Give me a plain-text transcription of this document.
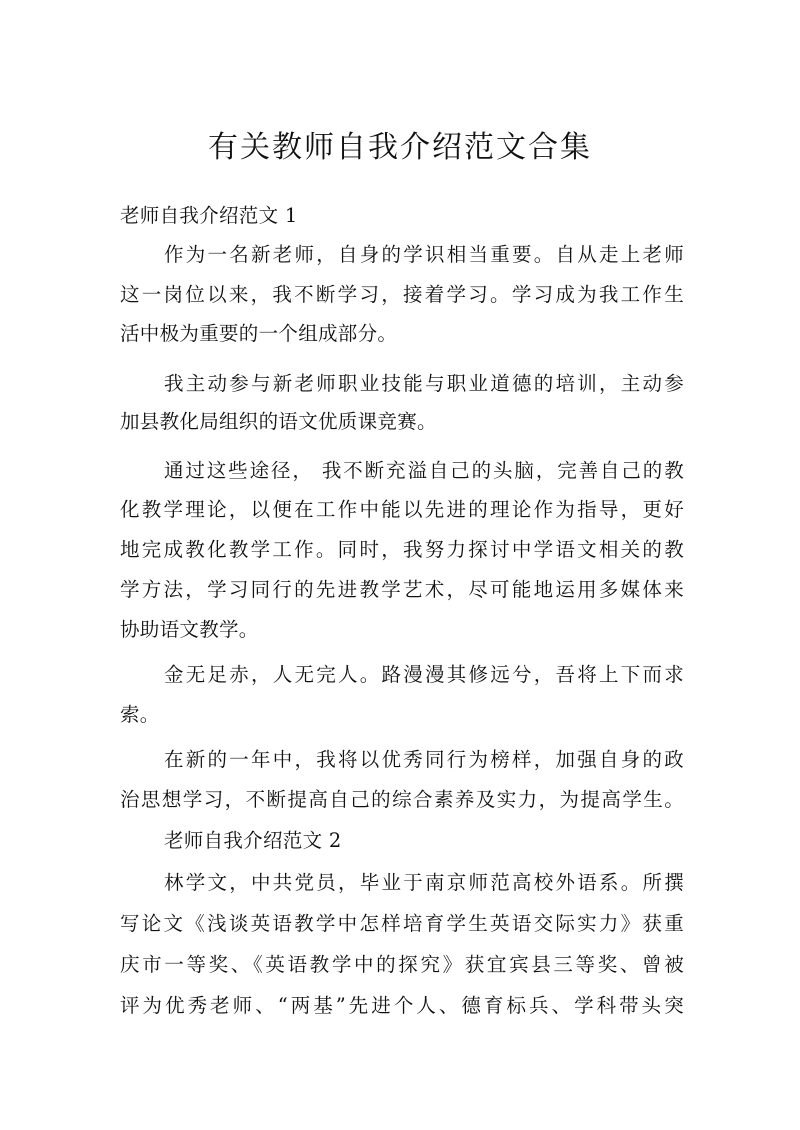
有关教师自我介绍范文合集
老师自我介绍范文 1
作为一名新老师，自身的学识相当重要。自从走上老师
这一岗位以来，我不断学习，接着学习。学习成为我工作生
活中极为重要的一个组成部分。
我主动参与新老师职业技能与职业道德的培训，主动参
加县教化局组织的语文优质课竞赛。
通过这些途径， 我不断充溢自己的头脑，完善自己的教
化教学理论，以便在工作中能以先进的理论作为指导，更好
地完成教化教学工作。同时，我努力探讨中学语文相关的教
学方法，学习同行的先进教学艺术，尽可能地运用多媒体来
协助语文教学。
金无足赤，人无完人。路漫漫其修远兮，吾将上下而求
索。
在新的一年中，我将以优秀同行为榜样，加强自身的政
治思想学习，不断提高自己的综合素养及实力，为提高学生。
老师自我介绍范文 2
林学文，中共党员，毕业于南京师范高校外语系。所撰
写论文《浅谈英语教学中怎样培育学生英语交际实力》获重
庆市一等奖、《英语教学中的探究》获宜宾县三等奖、曾被
评为优秀老师、“两基”先进个人、德育标兵、学科带头突
